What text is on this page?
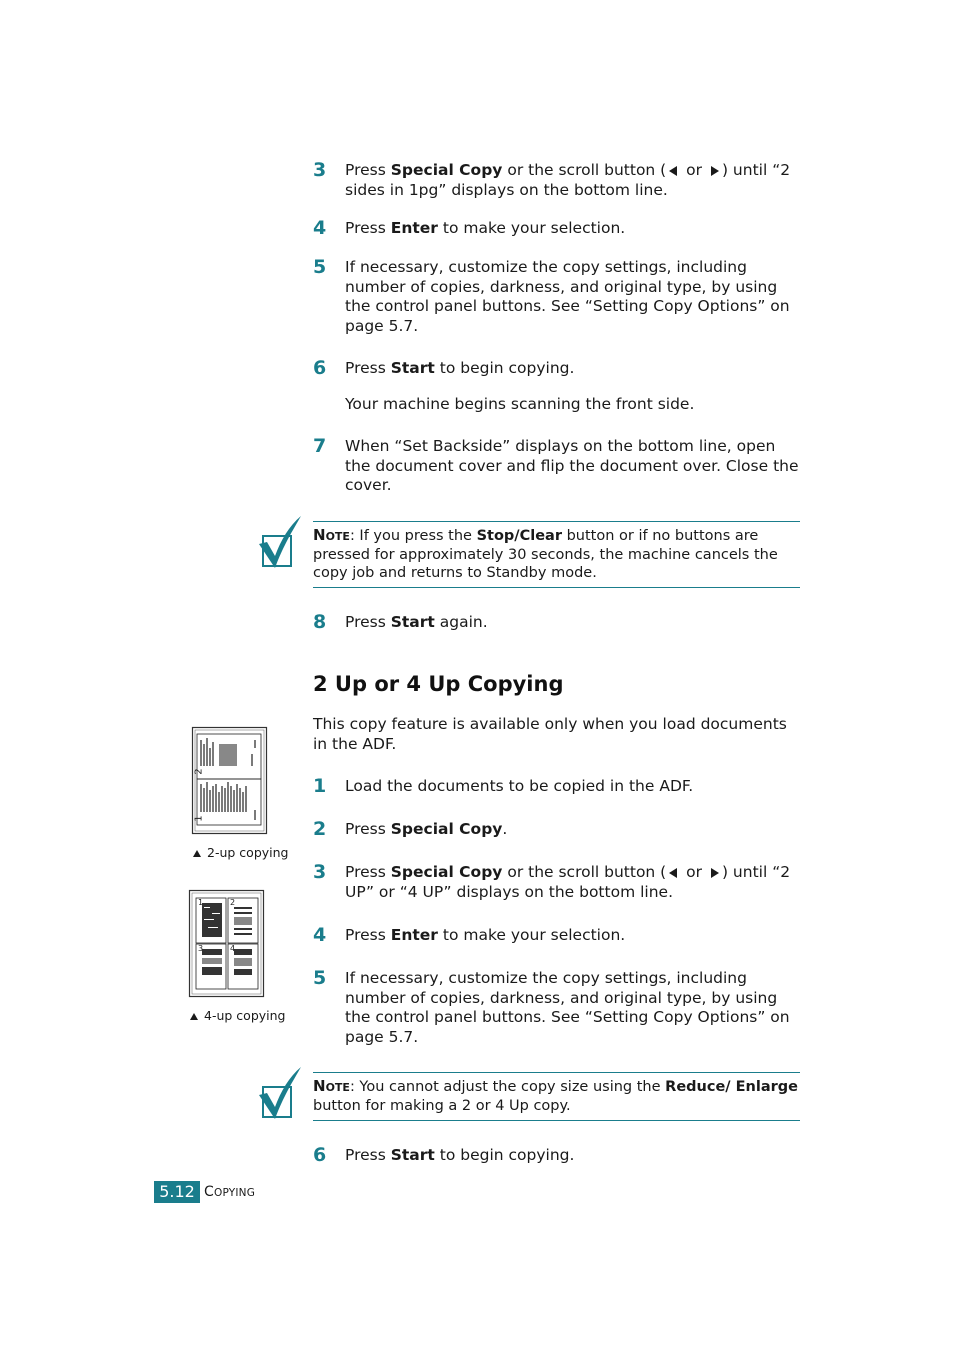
3 Press Special Copy or the scroll button ( or ) until “2 sides in 1pg” displays on the bottom line.
4 Press Enter to make your selection.
5 If necessary, customize the copy settings, including number of copies, darkness, and original type, by using the control panel buttons. See “Setting Copy Options” on page 5.7.
6 Press Start to begin copying.
Your machine begins scanning the front side.
7 When “Set Backside” displays on the bottom line, open the document cover and flip the document over. Close the cover.
NOTE: If you press the Stop/Clear button or if no buttons are pressed for approximately 30 seconds, the machine cancels the copy job and returns to Standby mode.
8 Press Start again.
2 Up or 4 Up Copying
This copy feature is available only when you load documents in the ADF.
1 Load the documents to be copied in the ADF.
2 Press Special Copy.
3 Press Special Copy or the scroll button ( or ) until “2 UP” or “4 UP” displays on the bottom line.
4 Press Enter to make your selection.
5 If necessary, customize the copy settings, including number of copies, darkness, and original type, by using the control panel buttons. See “Setting Copy Options” on page 5.7.
NOTE: You cannot adjust the copy size using the Reduce/ Enlarge button for making a 2 or 4 Up copy.
6 Press Start to begin copying.
2
1
2-up copying
1	2
3	4
4-up copying
5.12 COPYING
